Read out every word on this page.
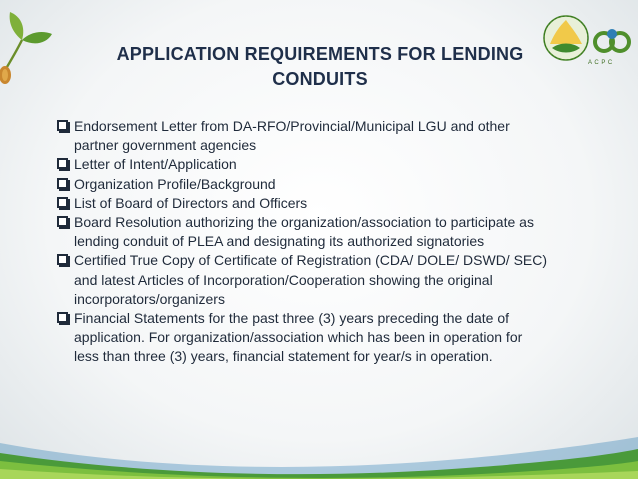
A C P C
APPLICATION REQUIREMENTS FOR LENDING
CONDUITS
Endorsement Letter from DA-RFO/Provincial/Municipal LGU and other
partner government agencies
Letter of Intent/Application
Organization Profile/Background
List of Board of Directors and Officers
Board Resolution authorizing the organization/association to participate as
lending conduit of PLEA and designating its authorized signatories
Certified True Copy of Certificate of Registration (CDA/ DOLE/ DSWD/ SEC)
and latest Articles of Incorporation/Cooperation showing the original
incorporators/organizers
Financial Statements for the past three (3) years preceding the date of
application. For organization/association which has been in operation for
less than three (3) years, financial statement for year/s in operation.
